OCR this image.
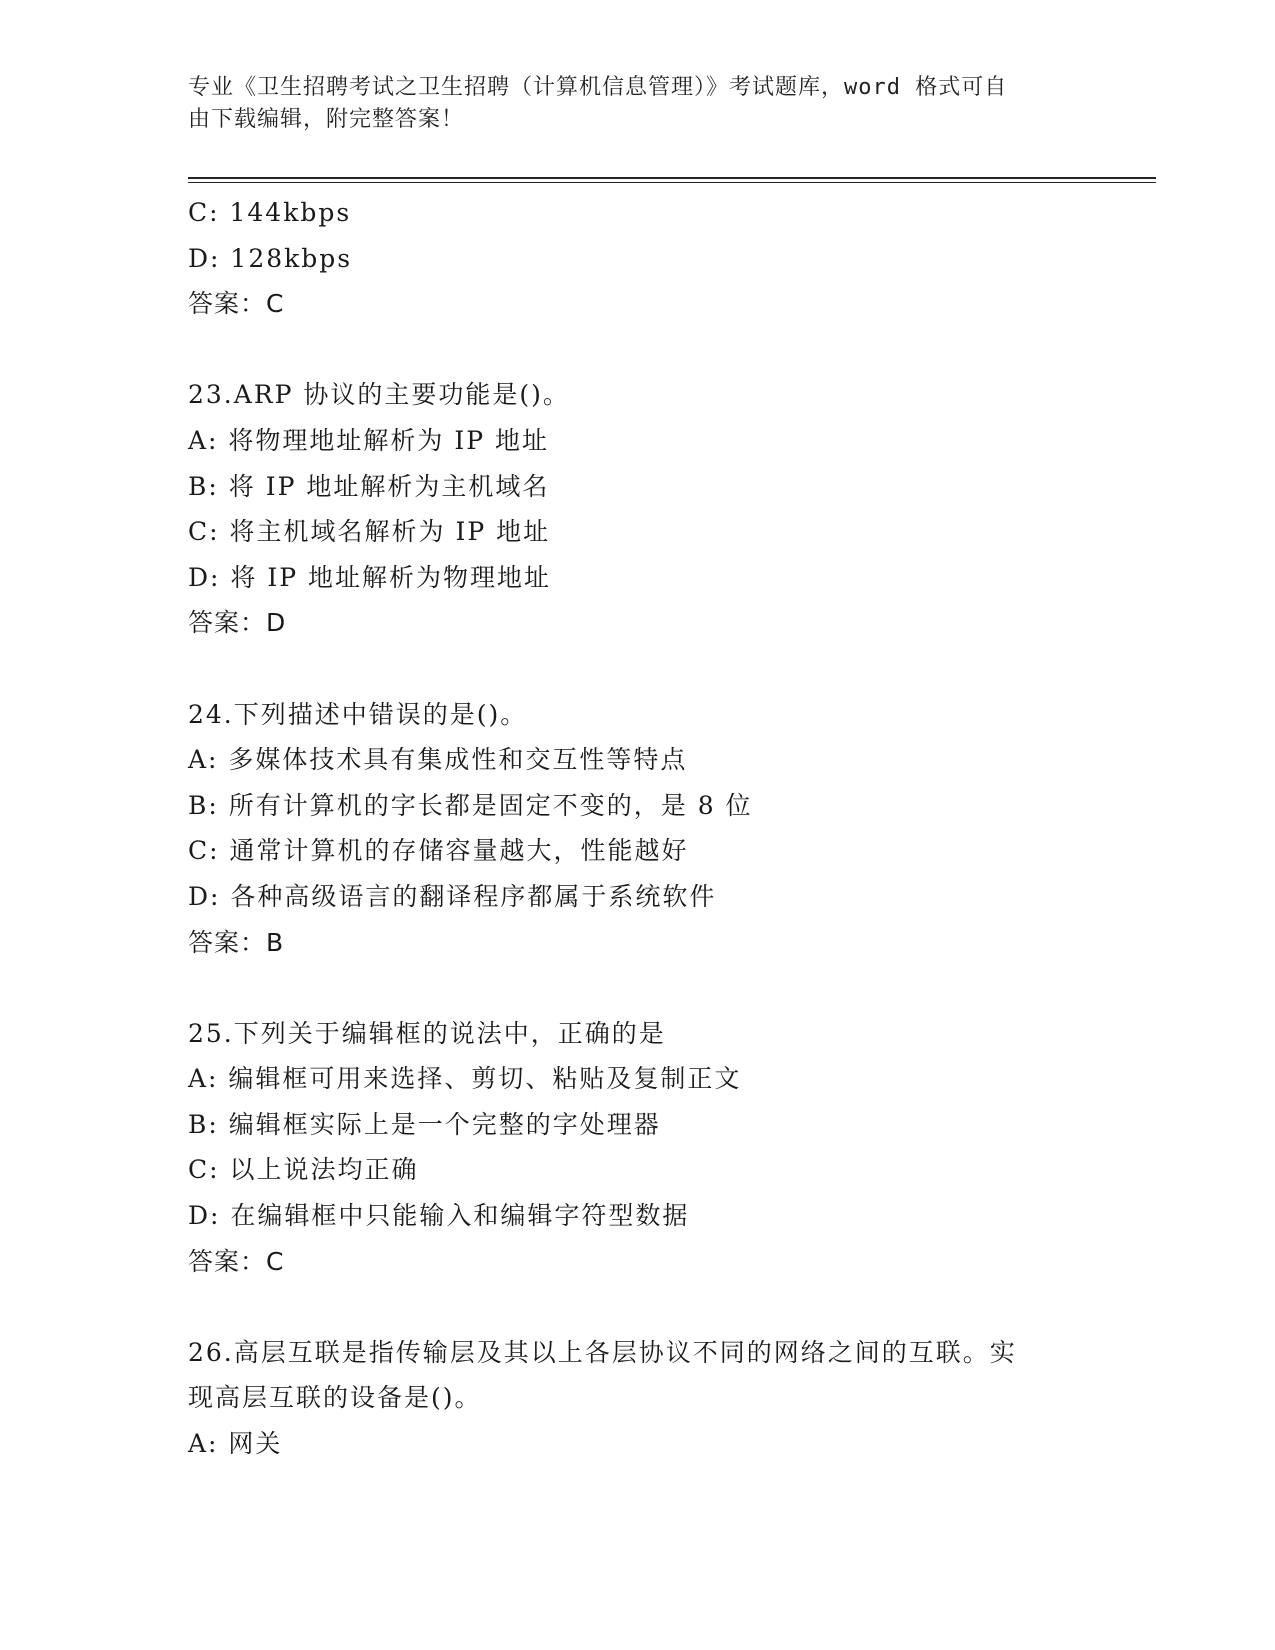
专业《卫生招聘考试之卫生招聘（计算机信息管理）》考试题库，word 格式可自
由下载编辑，附完整答案！
C: 144kbps
D: 128kbps
答案：C
23.ARP 协议的主要功能是()。
A: 将物理地址解析为 IP 地址
B: 将 IP 地址解析为主机域名
C: 将主机域名解析为 IP 地址
D: 将 IP 地址解析为物理地址
答案：D
24.下列描述中错误的是()。
A: 多媒体技术具有集成性和交互性等特点
B: 所有计算机的字长都是固定不变的，是 8 位
C: 通常计算机的存储容量越大，性能越好
D: 各种高级语言的翻译程序都属于系统软件
答案：B
25.下列关于编辑框的说法中，正确的是
A: 编辑框可用来选择、剪切、粘贴及复制正文
B: 编辑框实际上是一个完整的字处理器
C: 以上说法均正确
D: 在编辑框中只能输入和编辑字符型数据
答案：C
26.高层互联是指传输层及其以上各层协议不同的网络之间的互联。实
现高层互联的设备是()。
A: 网关
